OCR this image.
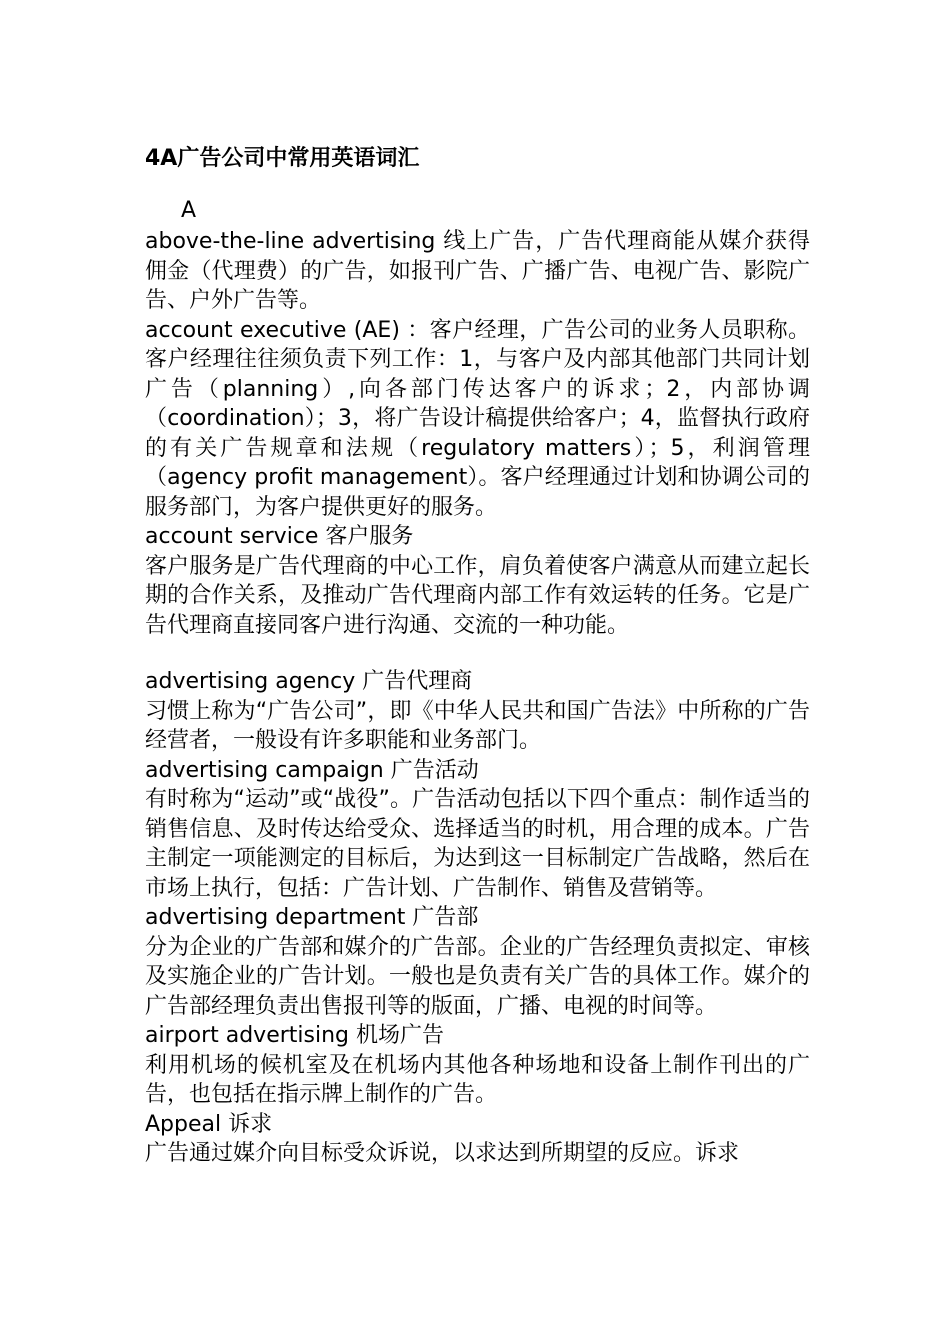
4A广告公司中常用英语词汇

A

above-the-line advertising 线上广告，广告代理商能从媒介获得佣金（代理费）的广告，如报刊广告、广播广告、电视广告、影院广告、户外广告等。

account executive (AE) ：客户经理，广告公司的业务人员职称。客户经理往往须负责下列工作：1，与客户及内部其他部门共同计划广告（planning）,向各部门传达客户的诉求；2，内部协调（coordination）；3，将广告设计稿提供给客户；4，监督执行政府的有关广告规章和法规（regulatory matters）；5，利润管理（agency profit management）。客户经理通过计划和协调公司的服务部门，为客户提供更好的服务。

account service 客户服务

客户服务是广告代理商的中心工作，肩负着使客户满意从而建立起长期的合作关系，及推动广告代理商内部工作有效运转的任务。它是广告代理商直接同客户进行沟通、交流的一种功能。

advertising agency 广告代理商

习惯上称为“广告公司”，即《中华人民共和国广告法》中所称的广告经营者，一般设有许多职能和业务部门。

advertising campaign 广告活动

有时称为“运动”或“战役”。广告活动包括以下四个重点：制作适当的销售信息、及时传达给受众、选择适当的时机，用合理的成本。广告主制定一项能测定的目标后，为达到这一目标制定广告战略，然后在市场上执行，包括：广告计划、广告制作、销售及营销等。

advertising department 广告部

分为企业的广告部和媒介的广告部。企业的广告经理负责拟定、审核及实施企业的广告计划。一般也是负责有关广告的具体工作。媒介的广告部经理负责出售报刊等的版面，广播、电视的时间等。

airport advertising 机场广告

利用机场的候机室及在机场内其他各种场地和设备上制作刊出的广告，也包括在指示牌上制作的广告。

Appeal 诉求

广告通过媒介向目标受众诉说，以求达到所期望的反应。诉求
